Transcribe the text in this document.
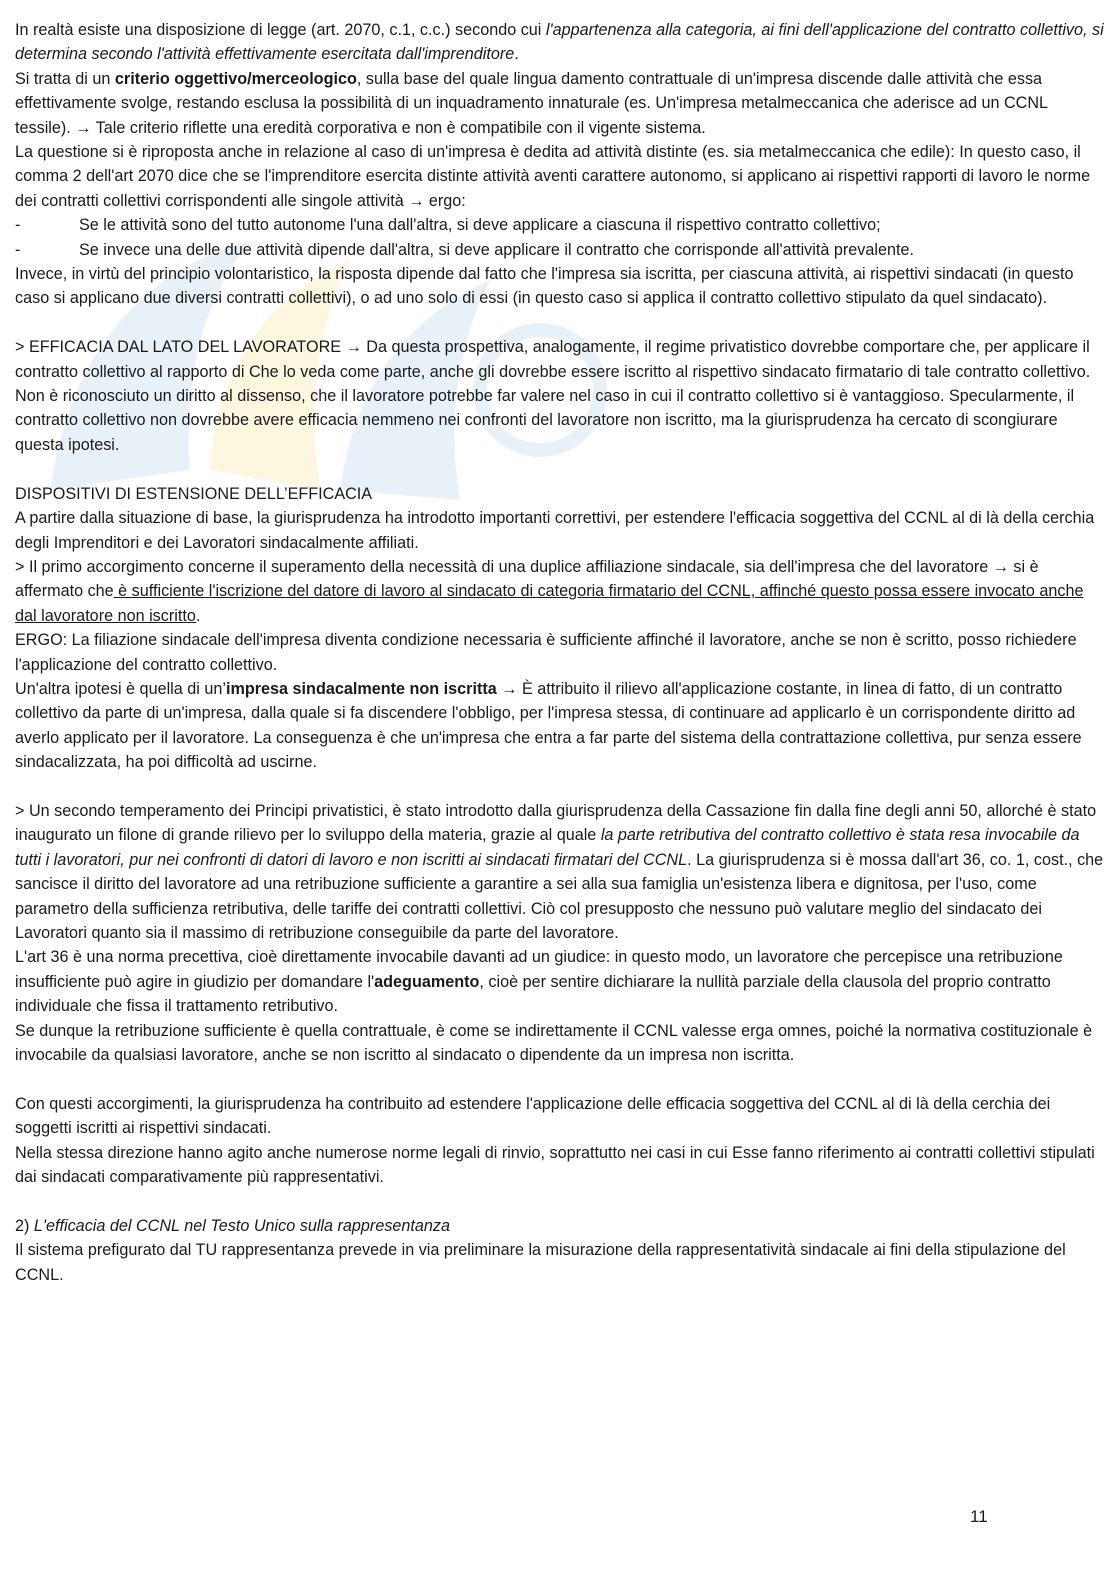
In realtà esiste una disposizione di legge (art. 2070, c.1, c.c.) secondo cui l'appartenenza alla categoria, ai fini dell'applicazione del contratto collettivo, si determina secondo l'attività effettivamente esercitata dall'imprenditore.

Si tratta di un criterio oggettivo/merceologico, sulla base del quale lingua damento contrattuale di un'impresa discende dalle attività che essa effettivamente svolge, restando esclusa la possibilità di un inquadramento innaturale (es. Un'impresa metalmeccanica che aderisce ad un CCNL tessile). → Tale criterio riflette una eredità corporativa e non è compatibile con il vigente sistema.

La questione si è riproposta anche in relazione al caso di un'impresa è dedita ad attività distinte (es. sia metalmeccanica che edile): In questo caso, il comma 2 dell'art 2070 dice che se l'imprenditore esercita distinte attività aventi carattere autonomo, si applicano ai rispettivi rapporti di lavoro le norme dei contratti collettivi corrispondenti alle singole attività → ergo:

-	Se le attività sono del tutto autonome l'una dall'altra, si deve applicare a ciascuna il rispettivo contratto collettivo;

-	Se invece una delle due attività dipende dall'altra, si deve applicare il contratto che corrisponde all'attività prevalente.

Invece, in virtù del principio volontaristico, la risposta dipende dal fatto che l'impresa sia iscritta, per ciascuna attività, ai rispettivi sindacati (in questo caso si applicano due diversi contratti collettivi), o ad uno solo di essi (in questo caso si applica il contratto collettivo stipulato da quel sindacato).

> EFFICACIA DAL LATO DEL LAVORATORE → Da questa prospettiva, analogamente, il regime privatistico dovrebbe comportare che, per applicare il contratto collettivo al rapporto di Che lo veda come parte, anche gli dovrebbe essere iscritto al rispettivo sindacato firmatario di tale contratto collettivo.

Non è riconosciuto un diritto al dissenso, che il lavoratore potrebbe far valere nel caso in cui il contratto collettivo si è vantaggioso. Specularmente, il contratto collettivo non dovrebbe avere efficacia nemmeno nei confronti del lavoratore non iscritto, ma la giurisprudenza ha cercato di scongiurare questa ipotesi.

DISPOSITIVI DI ESTENSIONE DELL’EFFICACIA

A partire dalla situazione di base, la giurisprudenza ha introdotto importanti correttivi, per estendere l'efficacia soggettiva del CCNL al di là della cerchia degli Imprenditori e dei Lavoratori sindacalmente affiliati.

> Il primo accorgimento concerne il superamento della necessità di una duplice affiliazione sindacale, sia dell'impresa che del lavoratore → si è affermato che è sufficiente l'iscrizione del datore di lavoro al sindacato di categoria firmatario del CCNL, affinché questo possa essere invocato anche dal lavoratore non iscritto.

ERGO: La filiazione sindacale dell'impresa diventa condizione necessaria è sufficiente affinché il lavoratore, anche se non è scritto, posso richiedere l'applicazione del contratto collettivo.

Un'altra ipotesi è quella di un’impresa sindacalmente non iscritta → È attribuito il rilievo all'applicazione costante, in linea di fatto, di un contratto collettivo da parte di un'impresa, dalla quale si fa discendere l'obbligo, per l'impresa stessa, di continuare ad applicarlo è un corrispondente diritto ad averlo applicato per il lavoratore. La conseguenza è che un'impresa che entra a far parte del sistema della contrattazione collettiva, pur senza essere sindacalizzata, ha poi difficoltà ad uscirne.

> Un secondo temperamento dei Principi privatistici, è stato introdotto dalla giurisprudenza della Cassazione fin dalla fine degli anni 50, allorché è stato inaugurato un filone di grande rilievo per lo sviluppo della materia, grazie al quale la parte retributiva del contratto collettivo è stata resa invocabile da tutti i lavoratori, pur nei confronti di datori di lavoro e non iscritti ai sindacati firmatari del CCNL. La giurisprudenza si è mossa dall'art 36, co. 1, cost., che sancisce il diritto del lavoratore ad una retribuzione sufficiente a garantire a sei alla sua famiglia un'esistenza libera e dignitosa, per l'uso, come parametro della sufficienza retributiva, delle tariffe dei contratti collettivi. Ciò col presupposto che nessuno può valutare meglio del sindacato dei Lavoratori quanto sia il massimo di retribuzione conseguibile da parte del lavoratore.

L'art 36 è una norma precettiva, cioè direttamente invocabile davanti ad un giudice: in questo modo, un lavoratore che percepisce una retribuzione insufficiente può agire in giudizio per domandare l'adeguamento, cioè per sentire dichiarare la nullità parziale della clausola del proprio contratto individuale che fissa il trattamento retributivo.

Se dunque la retribuzione sufficiente è quella contrattuale, è come se indirettamente il CCNL valesse erga omnes, poiché la normativa costituzionale è invocabile da qualsiasi lavoratore, anche se non iscritto al sindacato o dipendente da un impresa non iscritta.

Con questi accorgimenti, la giurisprudenza ha contribuito ad estendere l'applicazione delle efficacia soggettiva del CCNL al di là della cerchia dei soggetti iscritti ai rispettivi sindacati.

Nella stessa direzione hanno agito anche numerose norme legali di rinvio, soprattutto nei casi in cui Esse fanno riferimento ai contratti collettivi stipulati dai sindacati comparativamente più rappresentativi.

2) L'efficacia del CCNL nel Testo Unico sulla rappresentanza

Il sistema prefigurato dal TU rappresentanza prevede in via preliminare la misurazione della rappresentatività sindacale ai fini della stipulazione del CCNL.

11
